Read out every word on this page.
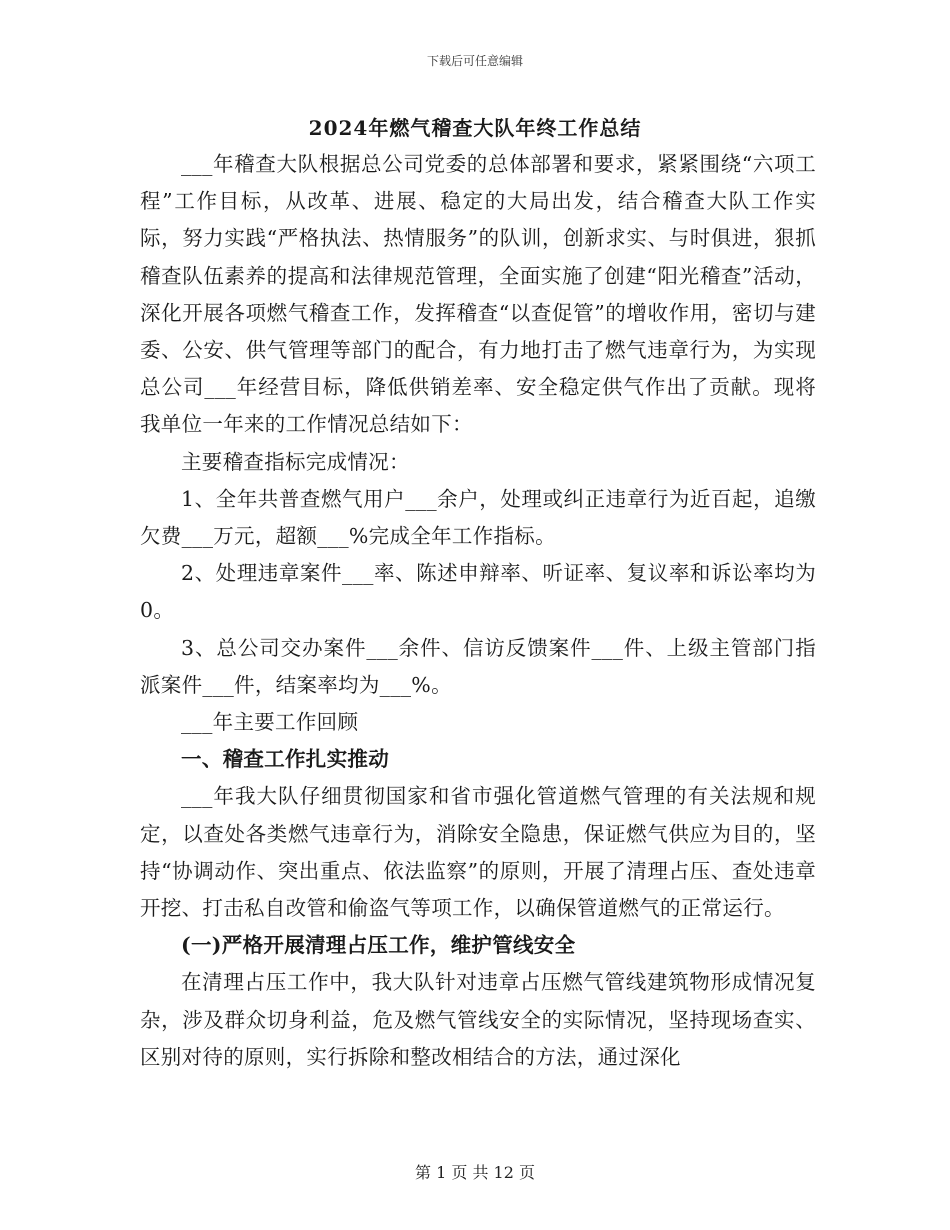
下载后可任意编辑
2024年燃气稽查大队年终工作总结

___年稽查大队根据总公司党委的总体部署和要求，紧紧围绕“六项工程”工作目标，从改革、进展、稳定的大局出发，结合稽查大队工作实际，努力实践“严格执法、热情服务”的队训，创新求实、与时俱进，狠抓稽查队伍素养的提高和法律规范管理，全面实施了创建“阳光稽查”活动，深化开展各项燃气稽查工作，发挥稽查“以查促管”的增收作用，密切与建委、公安、供气管理等部门的配合，有力地打击了燃气违章行为，为实现总公司___年经营目标，降低供销差率、安全稳定供气作出了贡献。现将我单位一年来的工作情况总结如下：

主要稽查指标完成情况：

1、全年共普查燃气用户___余户，处理或纠正违章行为近百起，追缴欠费___万元，超额___%完成全年工作指标。

2、处理违章案件___率、陈述申辩率、听证率、复议率和诉讼率均为0。

3、总公司交办案件___余件、信访反馈案件___件、上级主管部门指派案件___件，结案率均为___%。

___年主要工作回顾

一、稽查工作扎实推动

___年我大队仔细贯彻国家和省市强化管道燃气管理的有关法规和规定，以查处各类燃气违章行为，消除安全隐患，保证燃气供应为目的，坚持“协调动作、突出重点、依法监察”的原则，开展了清理占压、查处违章开挖、打击私自改管和偷盗气等项工作，以确保管道燃气的正常运行。

(一)严格开展清理占压工作，维护管线安全

在清理占压工作中，我大队针对违章占压燃气管线建筑物形成情况复杂，涉及群众切身利益，危及燃气管线安全的实际情况，坚持现场查实、区别对待的原则，实行拆除和整改相结合的方法，通过深化

第 1 页 共 12 页
